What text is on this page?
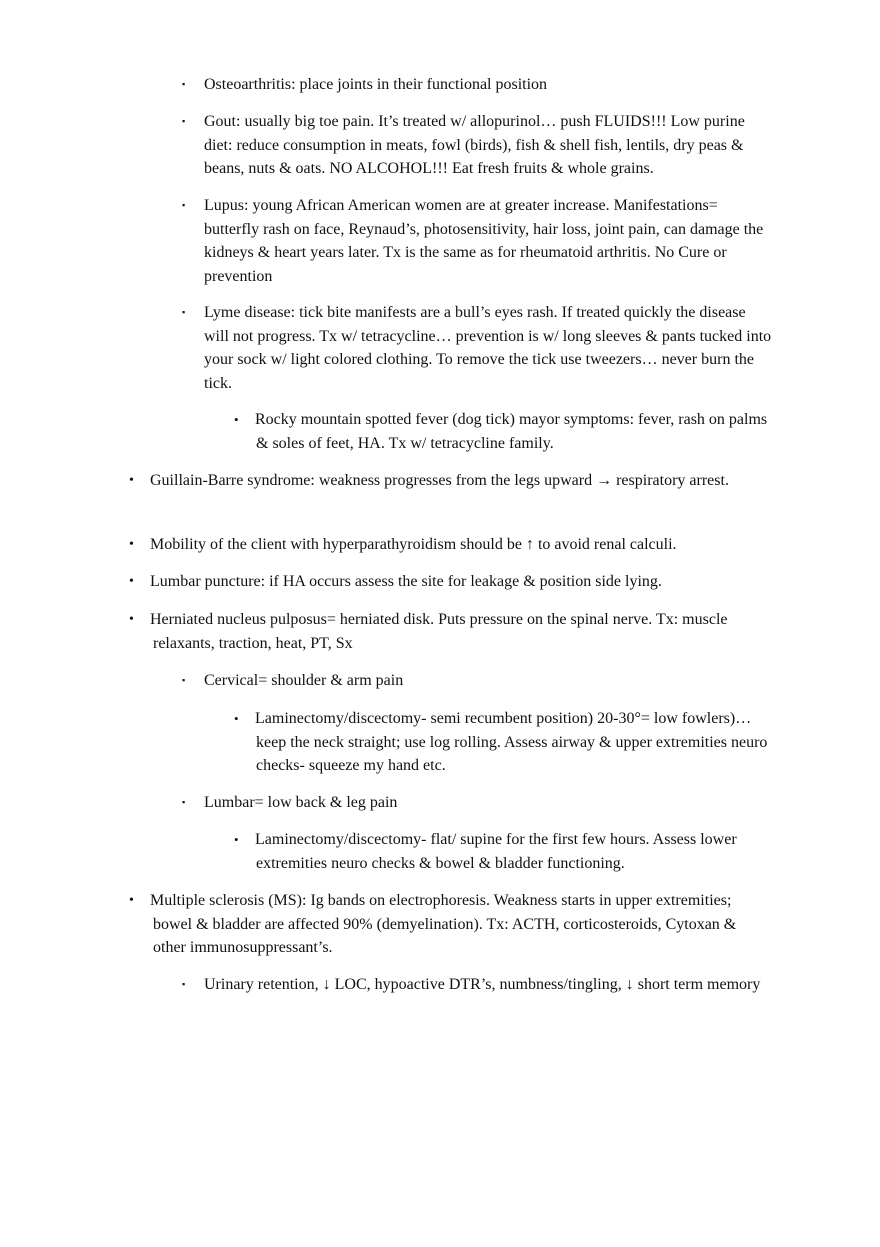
▪ Osteoarthritis: place joints in their functional position
▪ Gout: usually big toe pain. It’s treated w/ allopurinol… push FLUIDS!!! Low purine diet: reduce consumption in meats, fowl (birds), fish & shell fish, lentils, dry peas & beans, nuts & oats. NO ALCOHOL!!! Eat fresh fruits & whole grains.
▪ Lupus: young African American women are at greater increase. Manifestations= butterfly rash on face, Reynaud’s, photosensitivity, hair loss, joint pain, can damage the kidneys & heart years later. Tx is the same as for rheumatoid arthritis. No Cure or prevention
▪ Lyme disease: tick bite manifests are a bull’s eyes rash. If treated quickly the disease will not progress. Tx w/ tetracycline… prevention is w/ long sleeves & pants tucked into your sock w/ light colored clothing. To remove the tick use tweezers… never burn the tick.
• Rocky mountain spotted fever (dog tick) mayor symptoms: fever, rash on palms & soles of feet, HA. Tx w/ tetracycline family.
• Guillain-Barre syndrome: weakness progresses from the legs upward → respiratory arrest.
• Mobility of the client with hyperparathyroidism should be ↑ to avoid renal calculi.
• Lumbar puncture: if HA occurs assess the site for leakage & position side lying.
• Herniated nucleus pulposus= herniated disk. Puts pressure on the spinal nerve. Tx: muscle relaxants, traction, heat, PT, Sx
▪ Cervical= shoulder & arm pain
• Laminectomy/discectomy- semi recumbent position) 20-30°= low fowlers)… keep the neck straight; use log rolling. Assess airway & upper extremities neuro checks- squeeze my hand etc.
▪ Lumbar= low back & leg pain
• Laminectomy/discectomy- flat/ supine for the first few hours. Assess lower extremities neuro checks & bowel & bladder functioning.
• Multiple sclerosis (MS): Ig bands on electrophoresis. Weakness starts in upper extremities; bowel & bladder are affected 90% (demyelination). Tx: ACTH, corticosteroids, Cytoxan & other immunosuppressant’s.
▪ Urinary retention, ↓ LOC, hypoactive DTR’s, numbness/tingling, ↓ short term memory
